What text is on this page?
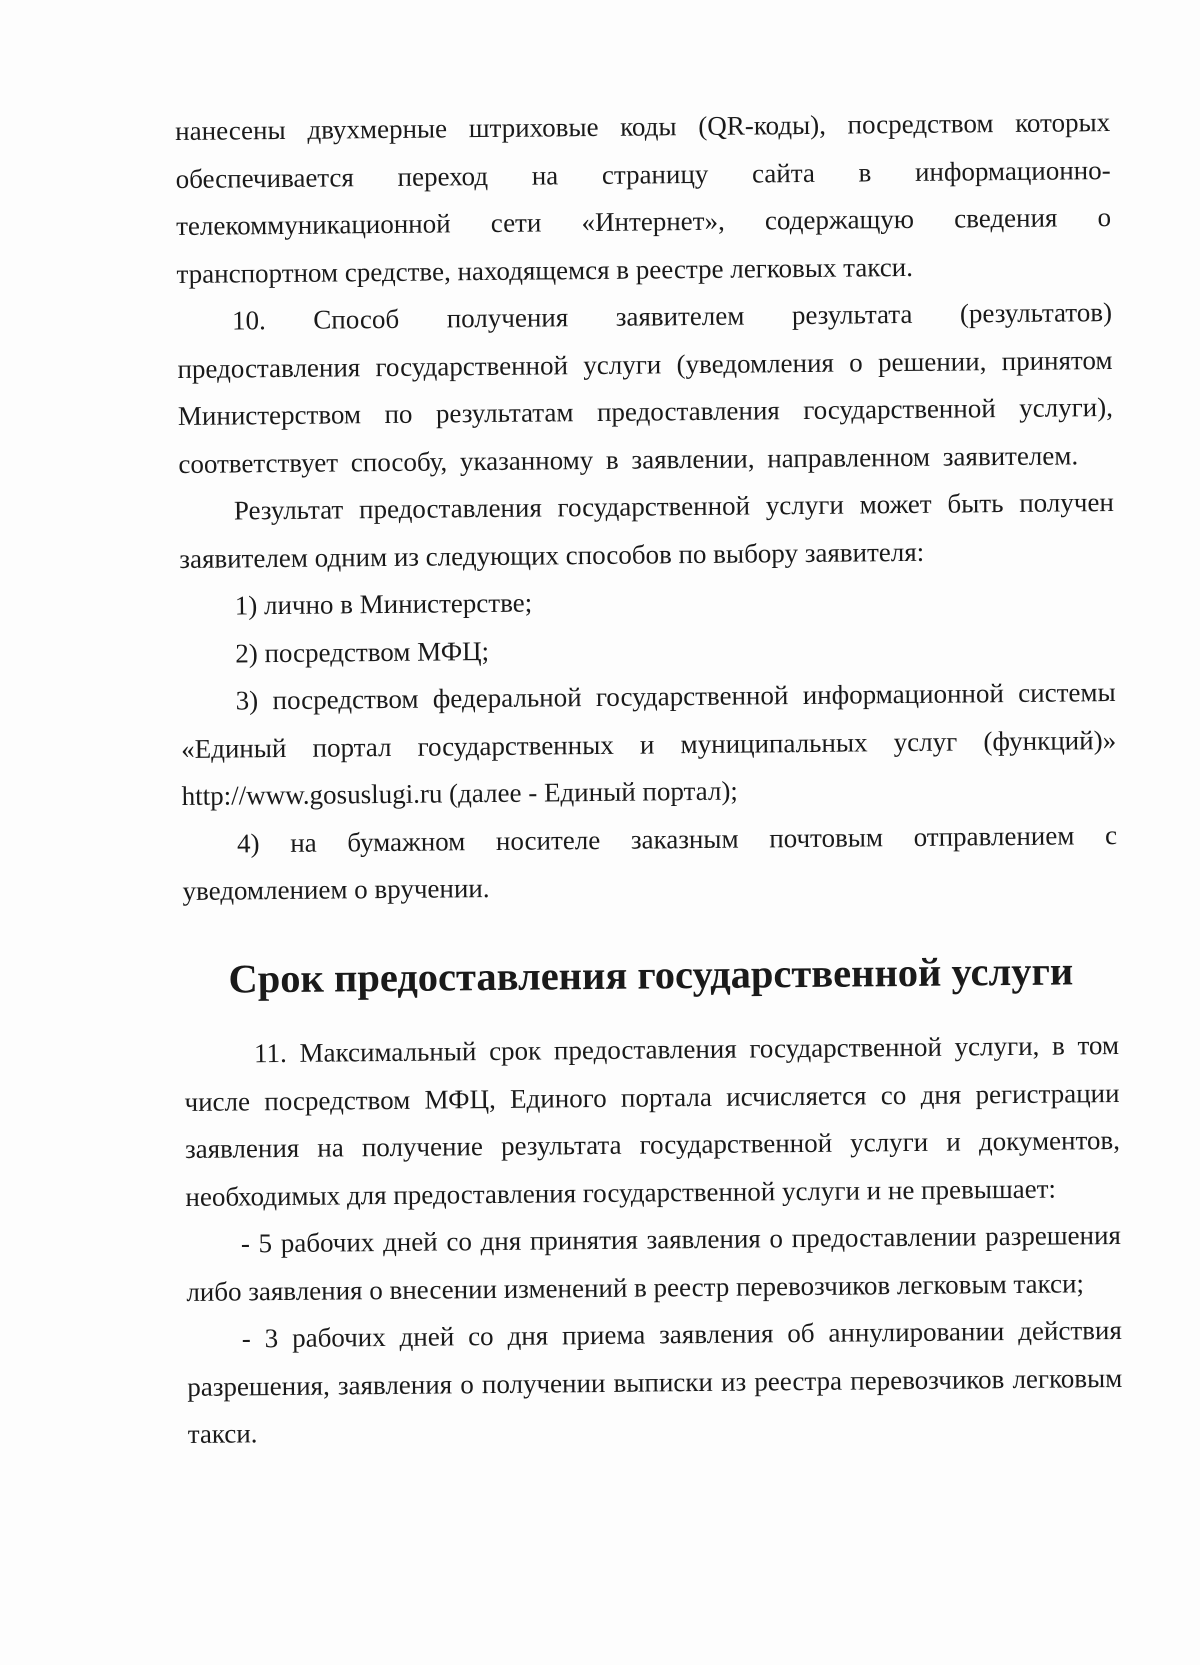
нанесены двухмерные штриховые коды (QR-коды), посредством которых обеспечивается переход на страницу сайта в информационно-телекоммуникационной сети «Интернет», содержащую сведения о транспортном средстве, находящемся в реестре легковых такси.

10. Способ получения заявителем результата (результатов) предоставления государственной услуги (уведомления о решении, принятом Министерством по результатам предоставления государственной услуги), соответствует способу, указанному в заявлении, направленном заявителем.

Результат предоставления государственной услуги может быть получен заявителем одним из следующих способов по выбору заявителя:

1) лично в Министерстве;

2) посредством МФЦ;

3) посредством федеральной государственной информационной системы «Единый портал государственных и муниципальных услуг (функций)» http://www.gosuslugi.ru (далее - Единый портал);

4) на бумажном носителе заказным почтовым отправлением с уведомлением о вручении.

Срок предоставления государственной услуги

11. Максимальный срок предоставления государственной услуги, в том числе посредством МФЦ, Единого портала исчисляется со дня регистрации заявления на получение результата государственной услуги и документов, необходимых для предоставления государственной услуги и не превышает:

- 5 рабочих дней со дня принятия заявления о предоставлении разрешения либо заявления о внесении изменений в реестр перевозчиков легковым такси;

- 3 рабочих дней со дня приема заявления об аннулировании действия разрешения, заявления о получении выписки из реестра перевозчиков легковым такси.
